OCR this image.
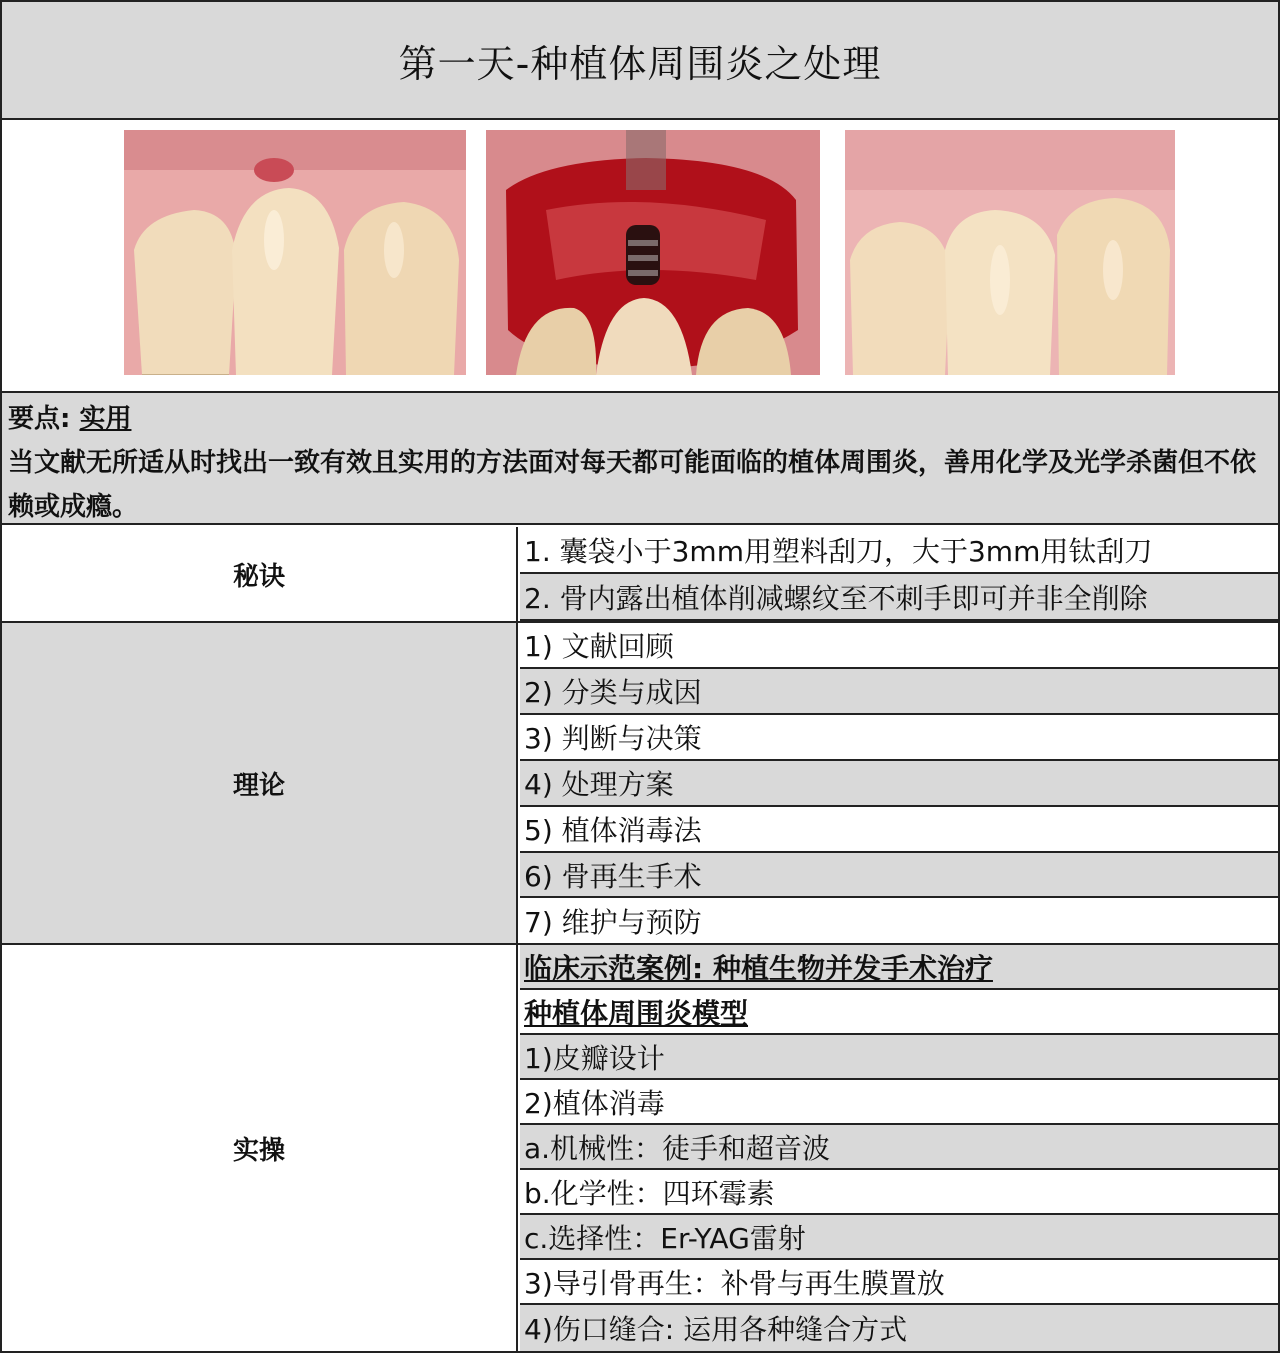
第一天-种植体周围炎之处理
要点: 实用
当文献无所适从时找出一致有效且实用的方法面对每天都可能面临的植体周围炎，善用化学及光学杀菌但不依赖或成瘾。
秘诀
1. 囊袋小于3mm用塑料刮刀，大于3mm用钛刮刀
2. 骨内露出植体削减螺纹至不刺手即可并非全削除
理论
1) 文献回顾
2) 分类与成因
3) 判断与决策
4) 处理方案
5) 植体消毒法
6) 骨再生手术
7) 维护与预防
实操
临床示范案例: 种植生物并发手术治疗
种植体周围炎模型
1)皮瓣设计
2)植体消毒
a.机械性：徒手和超音波
b.化学性：四环霉素
c.选择性：Er-YAG雷射
3)导引骨再生：补骨与再生膜置放
4)伤口缝合: 运用各种缝合方式
